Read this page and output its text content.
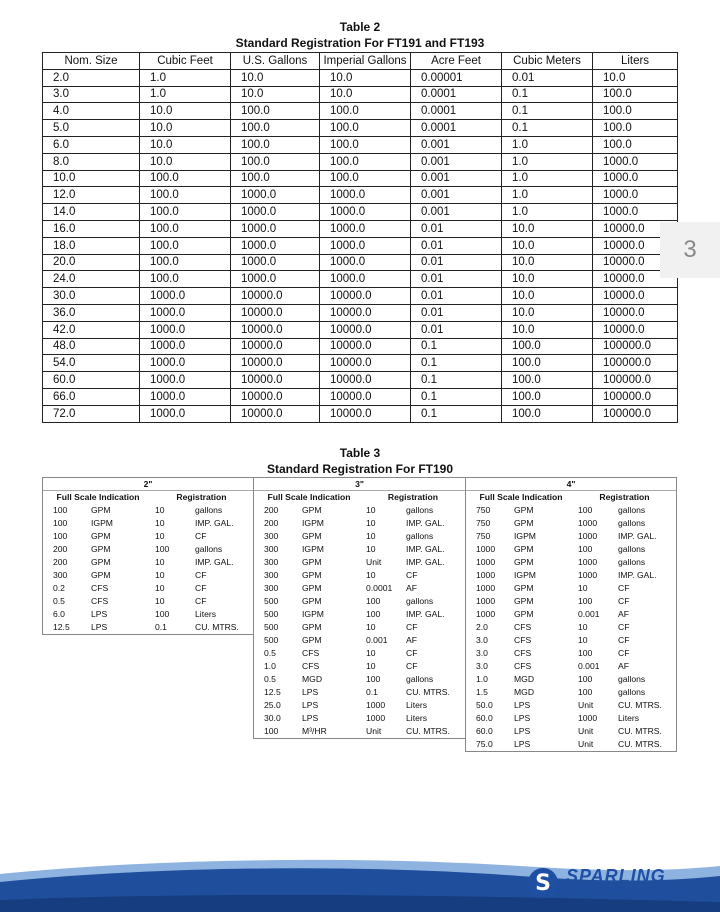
Table 2
Standard Registration For FT191 and FT193
Nom. Size	Cubic Feet	U.S. Gallons	Imperial Gallons	Acre Feet	Cubic Meters	Liters
2.0	1.0	10.0	10.0	0.00001	0.01	10.0
3.0	1.0	10.0	10.0	0.0001	0.1	100.0
4.0	10.0	100.0	100.0	0.0001	0.1	100.0
5.0	10.0	100.0	100.0	0.0001	0.1	100.0
6.0	10.0	100.0	100.0	0.001	1.0	100.0
8.0	10.0	100.0	100.0	0.001	1.0	1000.0
10.0	100.0	100.0	100.0	0.001	1.0	1000.0
12.0	100.0	1000.0	1000.0	0.001	1.0	1000.0
14.0	100.0	1000.0	1000.0	0.001	1.0	1000.0
16.0	100.0	1000.0	1000.0	0.01	10.0	10000.0
18.0	100.0	1000.0	1000.0	0.01	10.0	10000.0
20.0	100.0	1000.0	1000.0	0.01	10.0	10000.0
24.0	100.0	1000.0	1000.0	0.01	10.0	10000.0
30.0	1000.0	10000.0	10000.0	0.01	10.0	10000.0
36.0	1000.0	10000.0	10000.0	0.01	10.0	10000.0
42.0	1000.0	10000.0	10000.0	0.01	10.0	10000.0
48.0	1000.0	10000.0	10000.0	0.1	100.0	100000.0
54.0	1000.0	10000.0	10000.0	0.1	100.0	100000.0
60.0	1000.0	10000.0	10000.0	0.1	100.0	100000.0
66.0	1000.0	10000.0	10000.0	0.1	100.0	100000.0
72.0	1000.0	10000.0	10000.0	0.1	100.0	100000.0
3
Table 3
Standard Registration For FT190
2"
Full Scale Indication	Registration
100	GPM	10	gallons
100	IGPM	10	IMP. GAL.
100	GPM	10	CF
200	GPM	100	gallons
200	GPM	10	IMP. GAL.
300	GPM	10	CF
0.2	CFS	10	CF
0.5	CFS	10	CF
6.0	LPS	100	Liters
12.5	LPS	0.1	CU. MTRS.
3"
Full Scale Indication	Registration
200	GPM	10	gallons
200	IGPM	10	IMP. GAL.
300	GPM	10	gallons
300	IGPM	10	IMP. GAL.
300	GPM	Unit	IMP. GAL.
300	GPM	10	CF
300	GPM	0.0001	AF
500	GPM	100	gallons
500	IGPM	100	IMP. GAL.
500	GPM	10	CF
500	GPM	0.001	AF
0.5	CFS	10	CF
1.0	CFS	10	CF
0.5	MGD	100	gallons
12.5	LPS	0.1	CU. MTRS.
25.0	LPS	1000	Liters
30.0	LPS	1000	Liters
100	M³/HR	Unit	CU. MTRS.
4"
Full Scale Indication	Registration
750	GPM	100	gallons
750	GPM	1000	gallons
750	IGPM	1000	IMP. GAL.
1000	GPM	100	gallons
1000	GPM	1000	gallons
1000	IGPM	1000	IMP. GAL.
1000	GPM	10	CF
1000	GPM	100	CF
1000	GPM	0.001	AF
2.0	CFS	10	CF
3.0	CFS	10	CF
3.0	CFS	100	CF
3.0	CFS	0.001	AF
1.0	MGD	100	gallons
1.5	MGD	100	gallons
50.0	LPS	Unit	CU. MTRS.
60.0	LPS	1000	Liters
60.0	LPS	Unit	CU. MTRS.
75.0	LPS	Unit	CU. MTRS.
S SPARLING
INSTRUMENTS, LLC.
